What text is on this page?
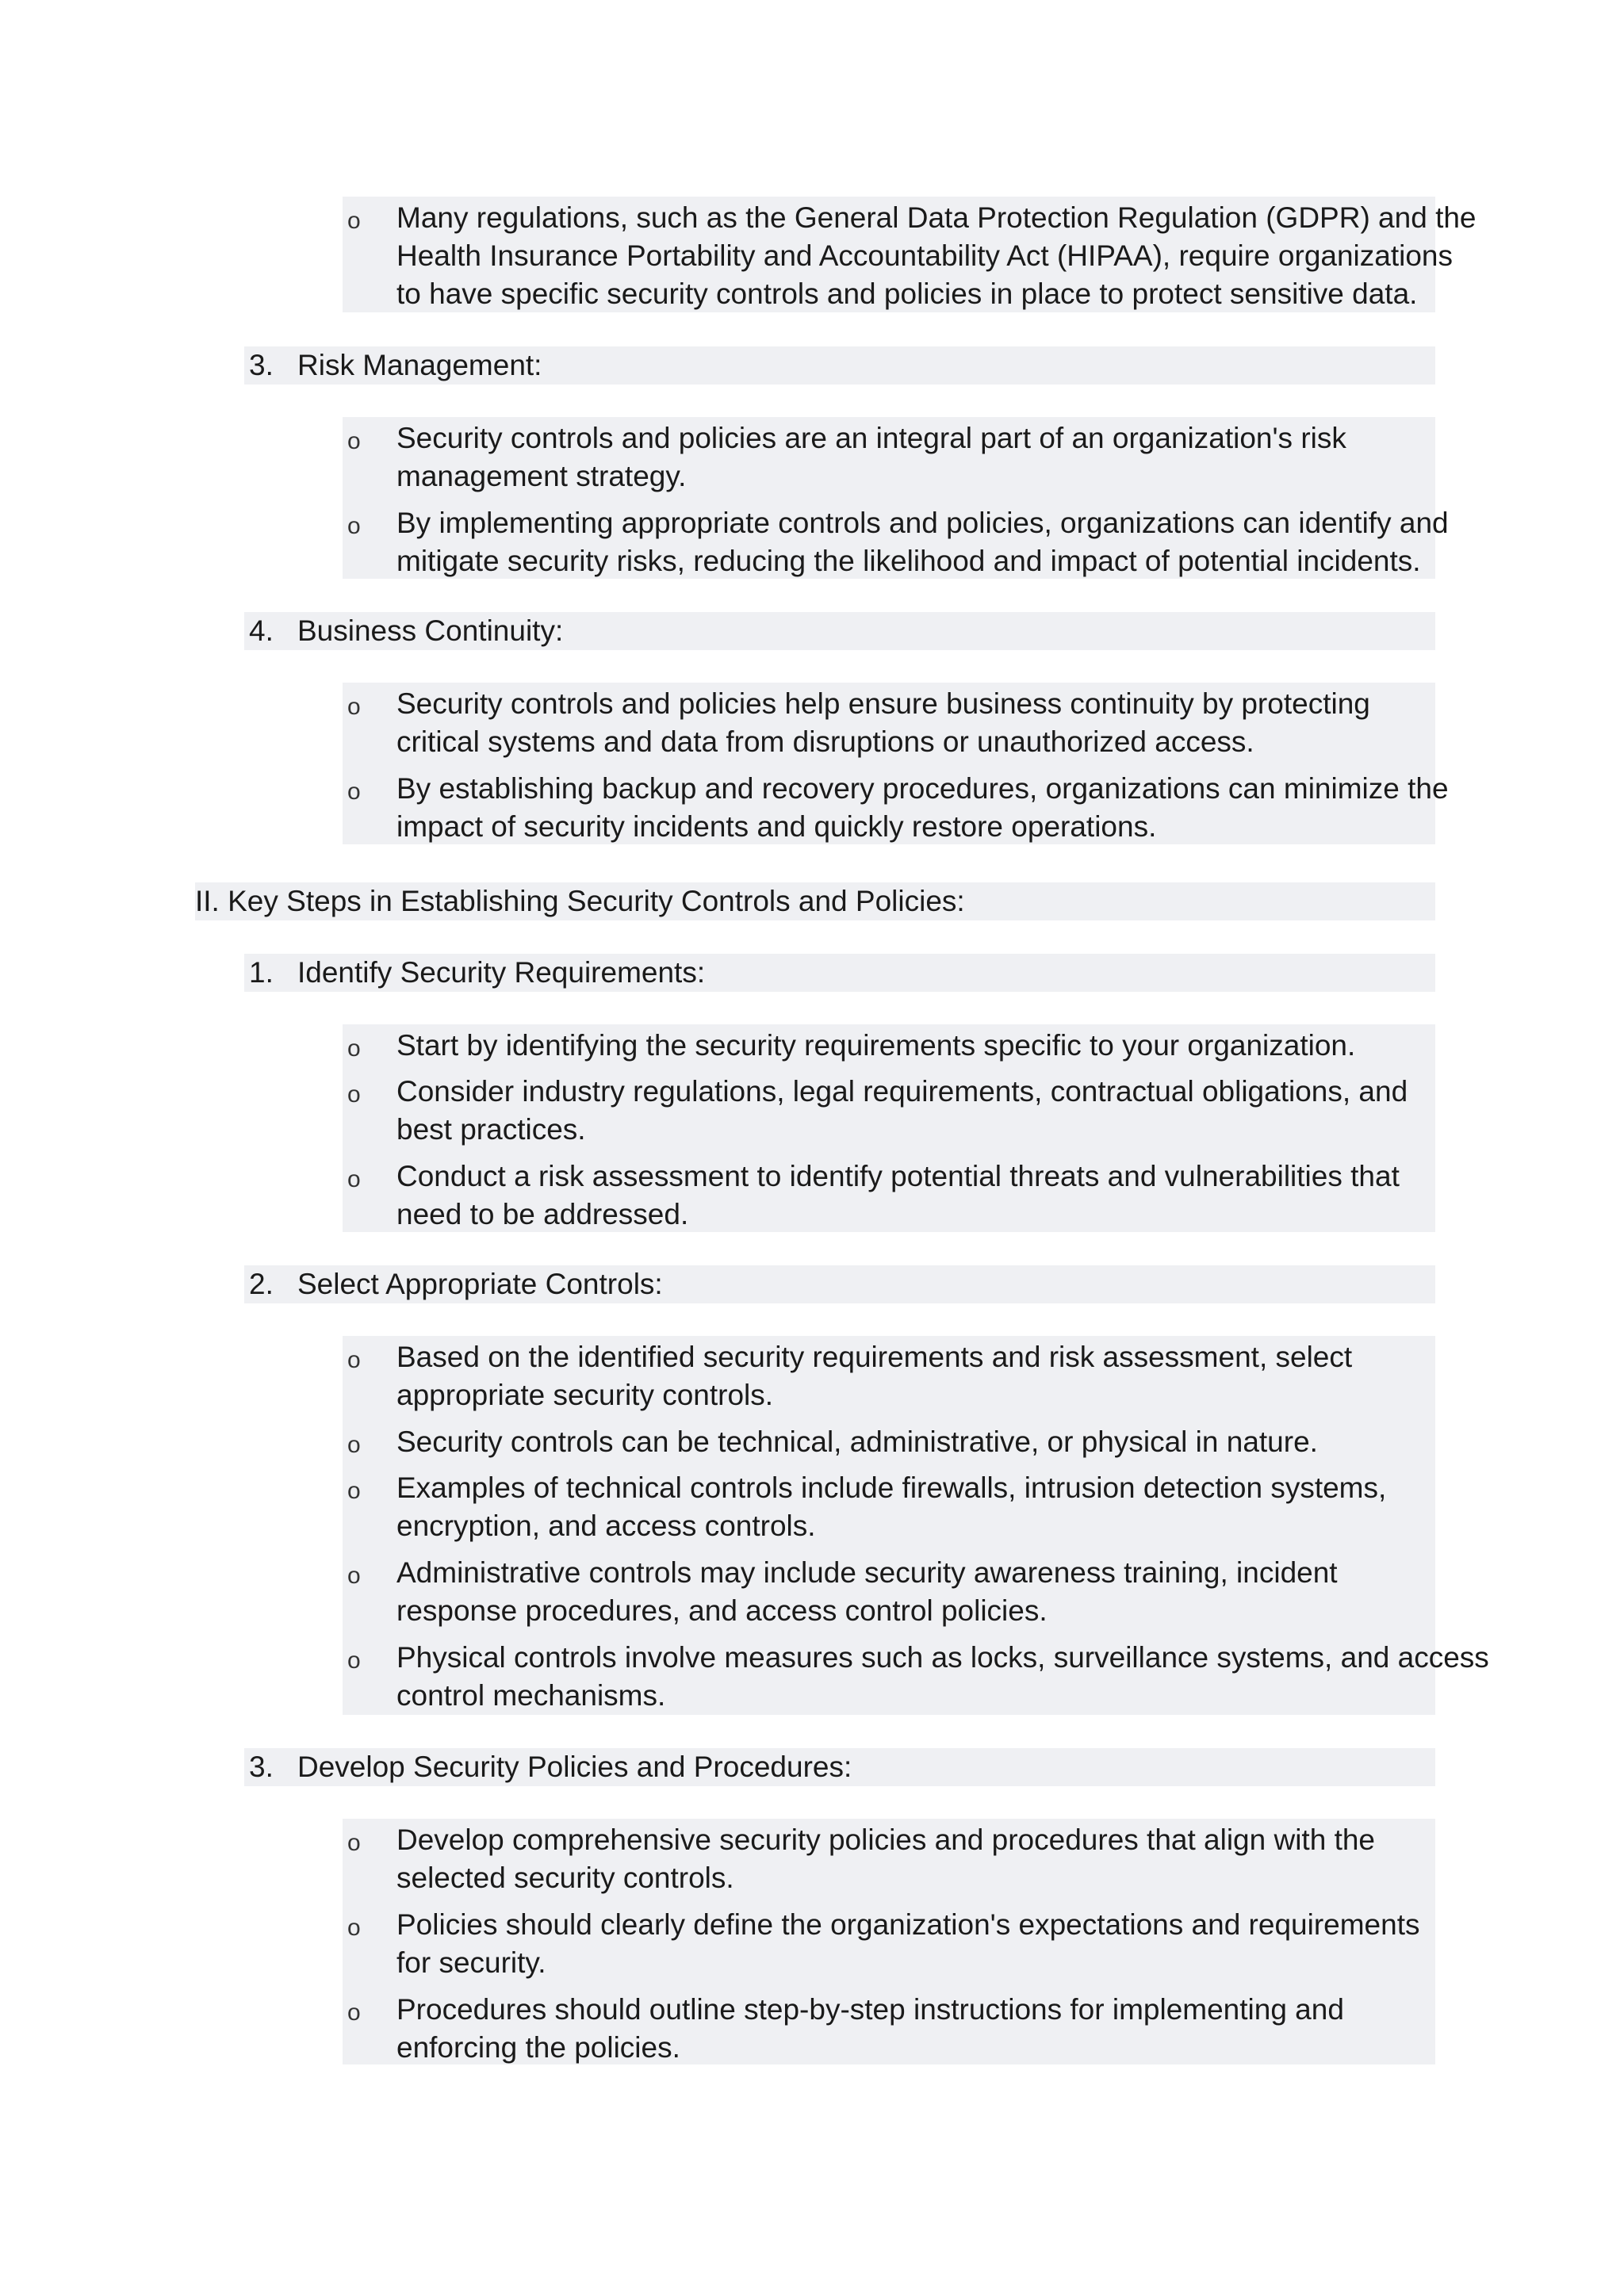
o Many regulations, such as the General Data Protection Regulation (GDPR) and the
Health Insurance Portability and Accountability Act (HIPAA), require organizations
to have specific security controls and policies in place to protect sensitive data.
3. Risk Management:
o Security controls and policies are an integral part of an organization's risk
management strategy.
o By implementing appropriate controls and policies, organizations can identify and
mitigate security risks, reducing the likelihood and impact of potential incidents.
4. Business Continuity:
o Security controls and policies help ensure business continuity by protecting
critical systems and data from disruptions or unauthorized access.
o By establishing backup and recovery procedures, organizations can minimize the
impact of security incidents and quickly restore operations.
II. Key Steps in Establishing Security Controls and Policies:
1. Identify Security Requirements:
o Start by identifying the security requirements specific to your organization.
o Consider industry regulations, legal requirements, contractual obligations, and
best practices.
o Conduct a risk assessment to identify potential threats and vulnerabilities that
need to be addressed.
2. Select Appropriate Controls:
o Based on the identified security requirements and risk assessment, select
appropriate security controls.
o Security controls can be technical, administrative, or physical in nature.
o Examples of technical controls include firewalls, intrusion detection systems,
encryption, and access controls.
o Administrative controls may include security awareness training, incident
response procedures, and access control policies.
o Physical controls involve measures such as locks, surveillance systems, and access
control mechanisms.
3. Develop Security Policies and Procedures:
o Develop comprehensive security policies and procedures that align with the
selected security controls.
o Policies should clearly define the organization's expectations and requirements
for security.
o Procedures should outline step-by-step instructions for implementing and
enforcing the policies.
